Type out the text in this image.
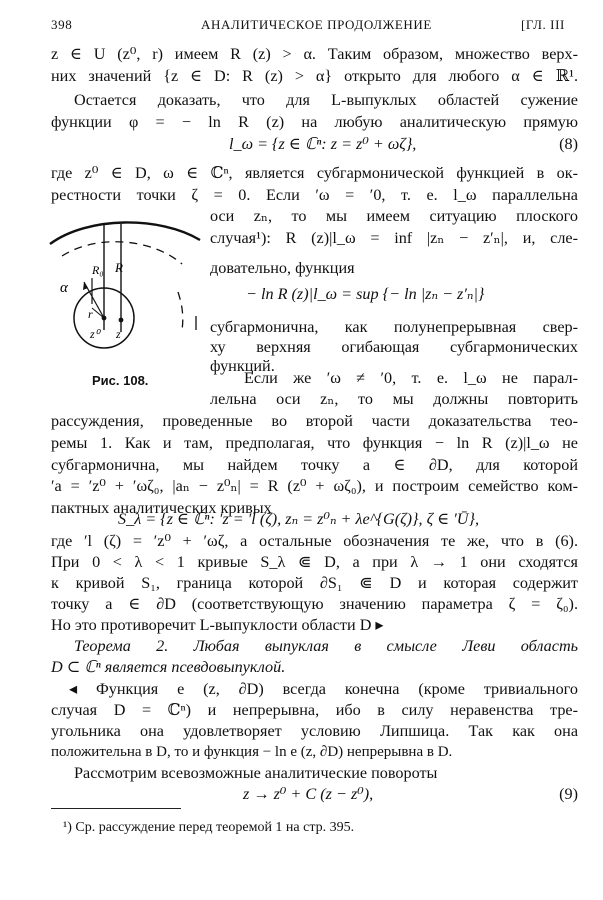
398	АНАЛИТИЧЕСКОЕ ПРОДОЛЖЕНИЕ	[ГЛ. III
z ∈ U (z⁰, r) имеем R (z) > α. Таким образом, множество верх-
них значений {z ∈ D: R (z) > α} открыто для любого α ∈ ℝ¹.
Остается доказать, что для L-выпуклых областей сужение
функции φ = − ln R (z) на любую аналитическую прямую
l_ω = {z ∈ ℂⁿ: z = z⁰ + ωζ},	(8)
где z⁰ ∈ D, ω ∈ ℂⁿ, является субгармонической функцией в ок-
рестности точки ζ = 0. Если ′ω = ′0, т. е. l_ω параллельна
оси zₙ, то мы имеем ситуацию плоского
случая¹): R (z)|l_ω = inf |zₙ − z′ₙ|, и, сле-
довательно, функция
− ln R (z)|l_ω = sup {− ln |zₙ − z′ₙ|}
субгармонична, как полунепрерывная свер-
ху верхняя огибающая субгармонических
функций.
Если же ′ω ≠ ′0, т. е. l_ω не парал-
лельна оси zₙ, то мы должны повторить
α
R₀ R
r
z⁰ z
Рис. 108.
рассуждения, проведенные во второй части доказательства тео-
ремы 1. Как и там, предполагая, что функция − ln R (z)|l_ω не
субгармонична, мы найдем точку a ∈ ∂D, для которой
′a = ′z⁰ + ′ωζ₀, |aₙ − z⁰ₙ| = R (z⁰ + ωζ₀), и построим семейство ком-
пактных аналитических кривых
S_λ = {z ∈ ℂⁿ: ′z = ′l (ζ), zₙ = z⁰ₙ + λe^{G(ζ)}, ζ ∈ ′Ū},
где ′l (ζ) = ′z⁰ + ′ωζ, а остальные обозначения те же, что в (6).
При 0 < λ < 1 кривые S_λ ⋐ D, а при λ → 1 они сходятся
к кривой S₁, граница которой ∂S₁ ⋐ D и которая содержит
точку a ∈ ∂D (соответствующую значению параметра ζ = ζ₀).
Но это противоречит L-выпуклости области D ▸
Теорема 2. Любая выпуклая в смысле Леви область
D ⊂ ℂⁿ является псевдовыпуклой.
◂ Функция e (z, ∂D) всегда конечна (кроме тривиального
случая D = ℂⁿ) и непрерывна, ибо в силу неравенства тре-
угольника она удовлетворяет условию Липшица. Так как она
положительна в D, то и функция − ln e (z, ∂D) непрерывна в D.
¹) Ср. рассуждение перед теоремой 1 на стр. 395.
Рассмотрим всевозможные аналитические повороты
z → z⁰ + C (z − z⁰),	(9)
